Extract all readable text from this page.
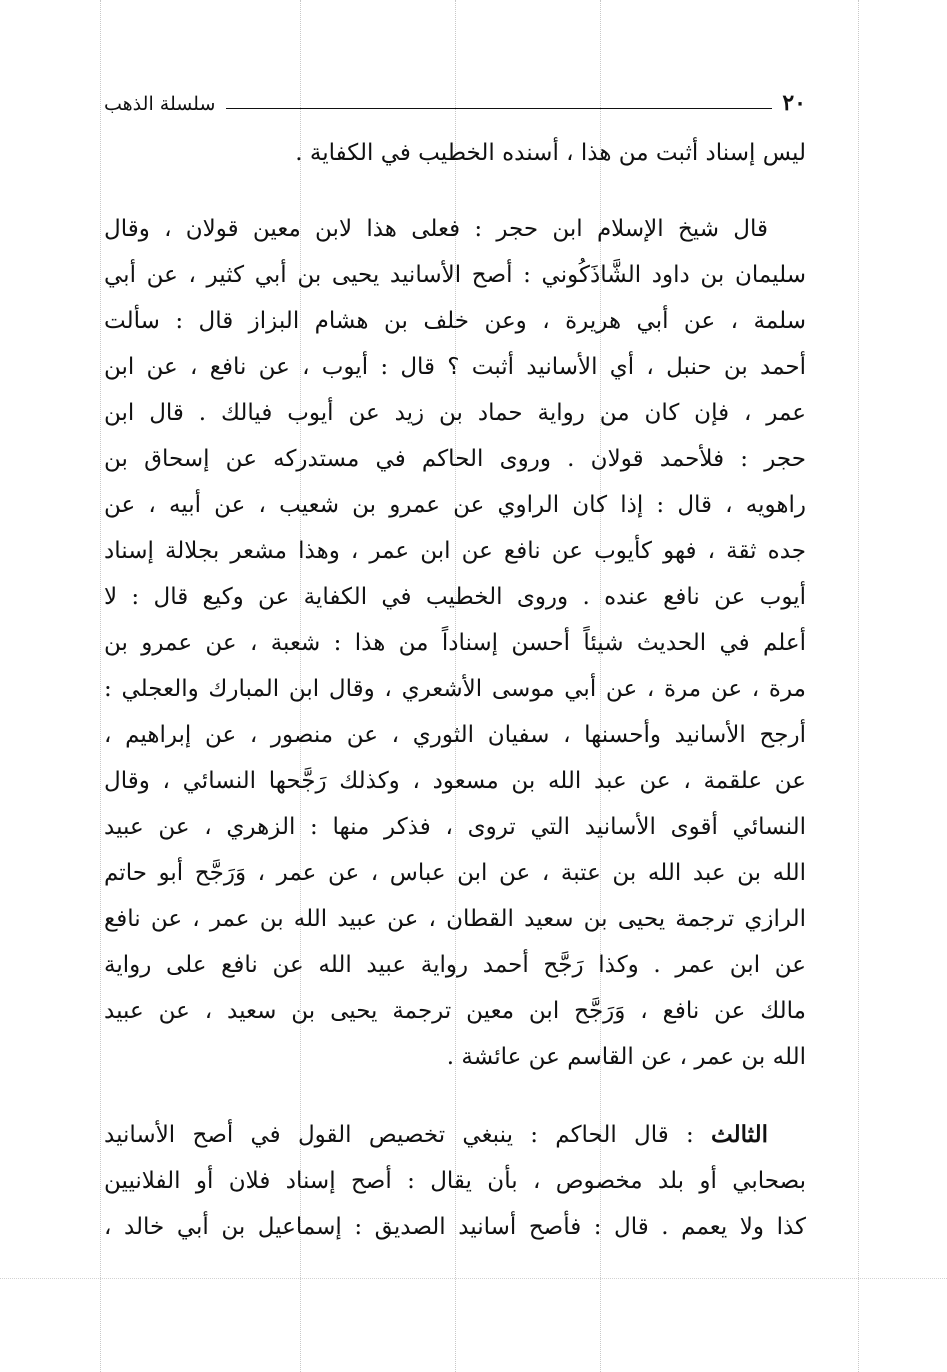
٢٠
سلسلة الذهب
ليس إسناد أثبت من هذا ، أسنده الخطيب في الكفاية .
قال شيخ الإسلام ابن حجر : فعلى هذا لابن معين قولان ، وقال
سليمان بن داود الشَّاذَكُوني : أصح الأسانيد يحيى بن أبي كثير ، عن أبي
سلمة ، عن أبي هريرة ، وعن خلف بن هشام البزاز قال : سألت
أحمد بن حنبل ، أي الأسانيد أثبت ؟ قال : أيوب ، عن نافع ، عن ابن
عمر ، فإن كان من رواية حماد بن زيد عن أيوب فيالك . قال ابن
حجر : فلأحمد قولان . وروى الحاكم في مستدركه عن إسحاق بن
راهويه ، قال : إذا كان الراوي عن عمرو بن شعيب ، عن أبيه ، عن
جده ثقة ، فهو كأيوب عن نافع عن ابن عمر ، وهذا مشعر بجلالة إسناد
أيوب عن نافع عنده . وروى الخطيب في الكفاية عن وكيع قال : لا
أعلم في الحديث شيئاً أحسن إسناداً من هذا : شعبة ، عن عمرو بن
مرة ، عن مرة ، عن أبي موسى الأشعري ، وقال ابن المبارك والعجلي :
أرجح الأسانيد وأحسنها ، سفيان الثوري ، عن منصور ، عن إبراهيم ،
عن علقمة ، عن عبد الله بن مسعود ، وكذلك رَجَّحها النسائي ، وقال
النسائي أقوى الأسانيد التي تروى ، فذكر منها : الزهري ، عن عبيد
الله بن عبد الله بن عتبة ، عن ابن عباس ، عن عمر ، وَرَجَّح أبو حاتم
الرازي ترجمة يحيى بن سعيد القطان ، عن عبيد الله بن عمر ، عن نافع
عن ابن عمر . وكذا رَجَّح أحمد رواية عبيد الله عن نافع على رواية
مالك عن نافع ، وَرَجَّح ابن معين ترجمة يحيى بن سعيد ، عن عبيد
الله بن عمر ، عن القاسم عن عائشة .
الثالث : قال الحاكم : ينبغي تخصيص القول في أصح الأسانيد
بصحابي أو بلد مخصوص ، بأن يقال : أصح إسناد فلان أو الفلانيين
كذا ولا يعمم . قال : فأصح أسانيد الصديق : إسماعيل بن أبي خالد ،
